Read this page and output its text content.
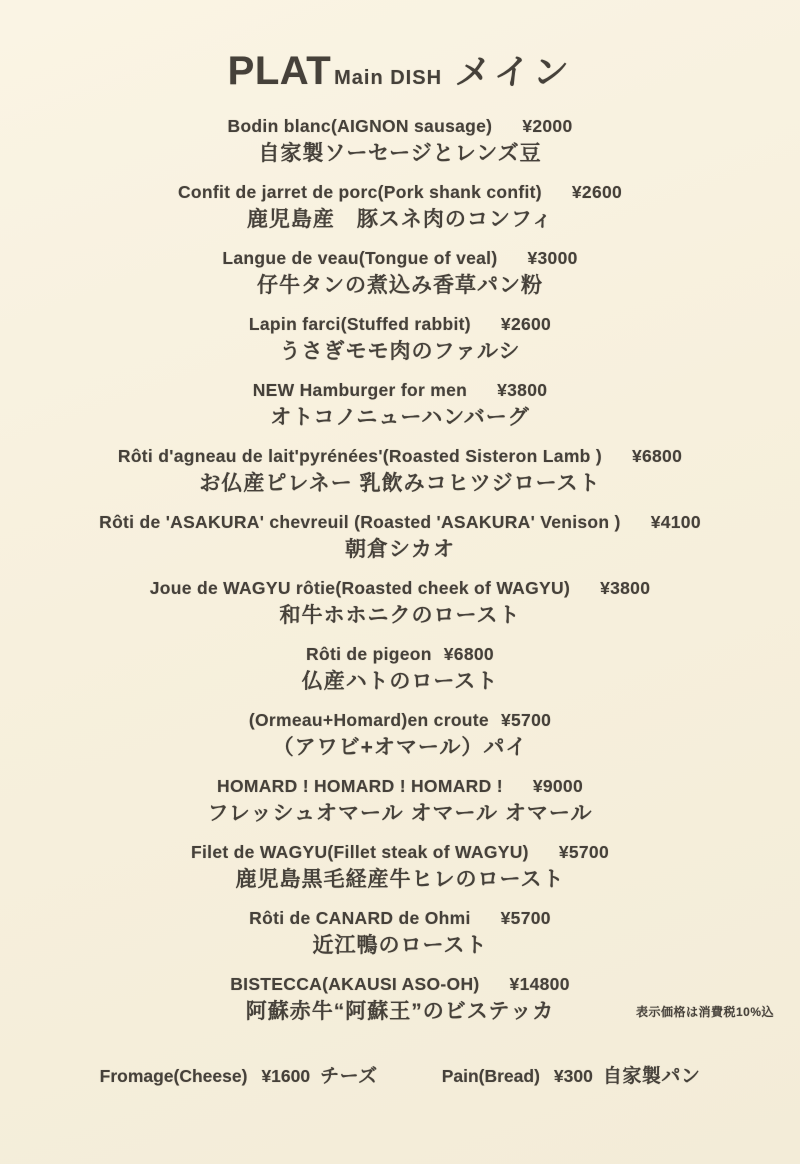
PLAT Main DISH メイン
Bodin blanc(AIGNON sausage) ¥2000
自家製ソーセージとレンズ豆
Confit de jarret de porc(Pork shank confit) ¥2600
鹿児島産　豚スネ肉のコンフィ
Langue de veau(Tongue of veal) ¥3000
仔牛タンの煮込み香草パン粉
Lapin farci(Stuffed rabbit) ¥2600
うさぎモモ肉のファルシ
NEW Hamburger for men ¥3800
オトコノニューハンバーグ
Rôti d'agneau de lait'pyrénées'(Roasted Sisteron Lamb ) ¥6800
お仏産ピレネー 乳飲みコヒツジロースト
Rôti de 'ASAKURA' chevreuil (Roasted 'ASAKURA' Venison ) ¥4100
朝倉シカオ
Joue de WAGYU rôtie(Roasted cheek of WAGYU) ¥3800
和牛ホホニクのロースト
Rôti de pigeon ¥6800
仏産ハトのロースト
(Ormeau+Homard)en croute ¥5700
（アワビ+オマール）パイ
HOMARD ! HOMARD ! HOMARD ! ¥9000
フレッシュオマール オマール オマール
Filet de WAGYU(Fillet steak of WAGYU) ¥5700
鹿児島黒毛経産牛ヒレのロースト
Rôti de CANARD de Ohmi ¥5700
近江鴨のロースト
BISTECCA(AKAUSI ASO-OH) ¥14800
阿蘇赤牛“阿蘇王”のビステッカ	表示価格は消費税10%込
Fromage(Cheese) ¥1600 チーズ	Pain(Bread) ¥300 自家製パン
